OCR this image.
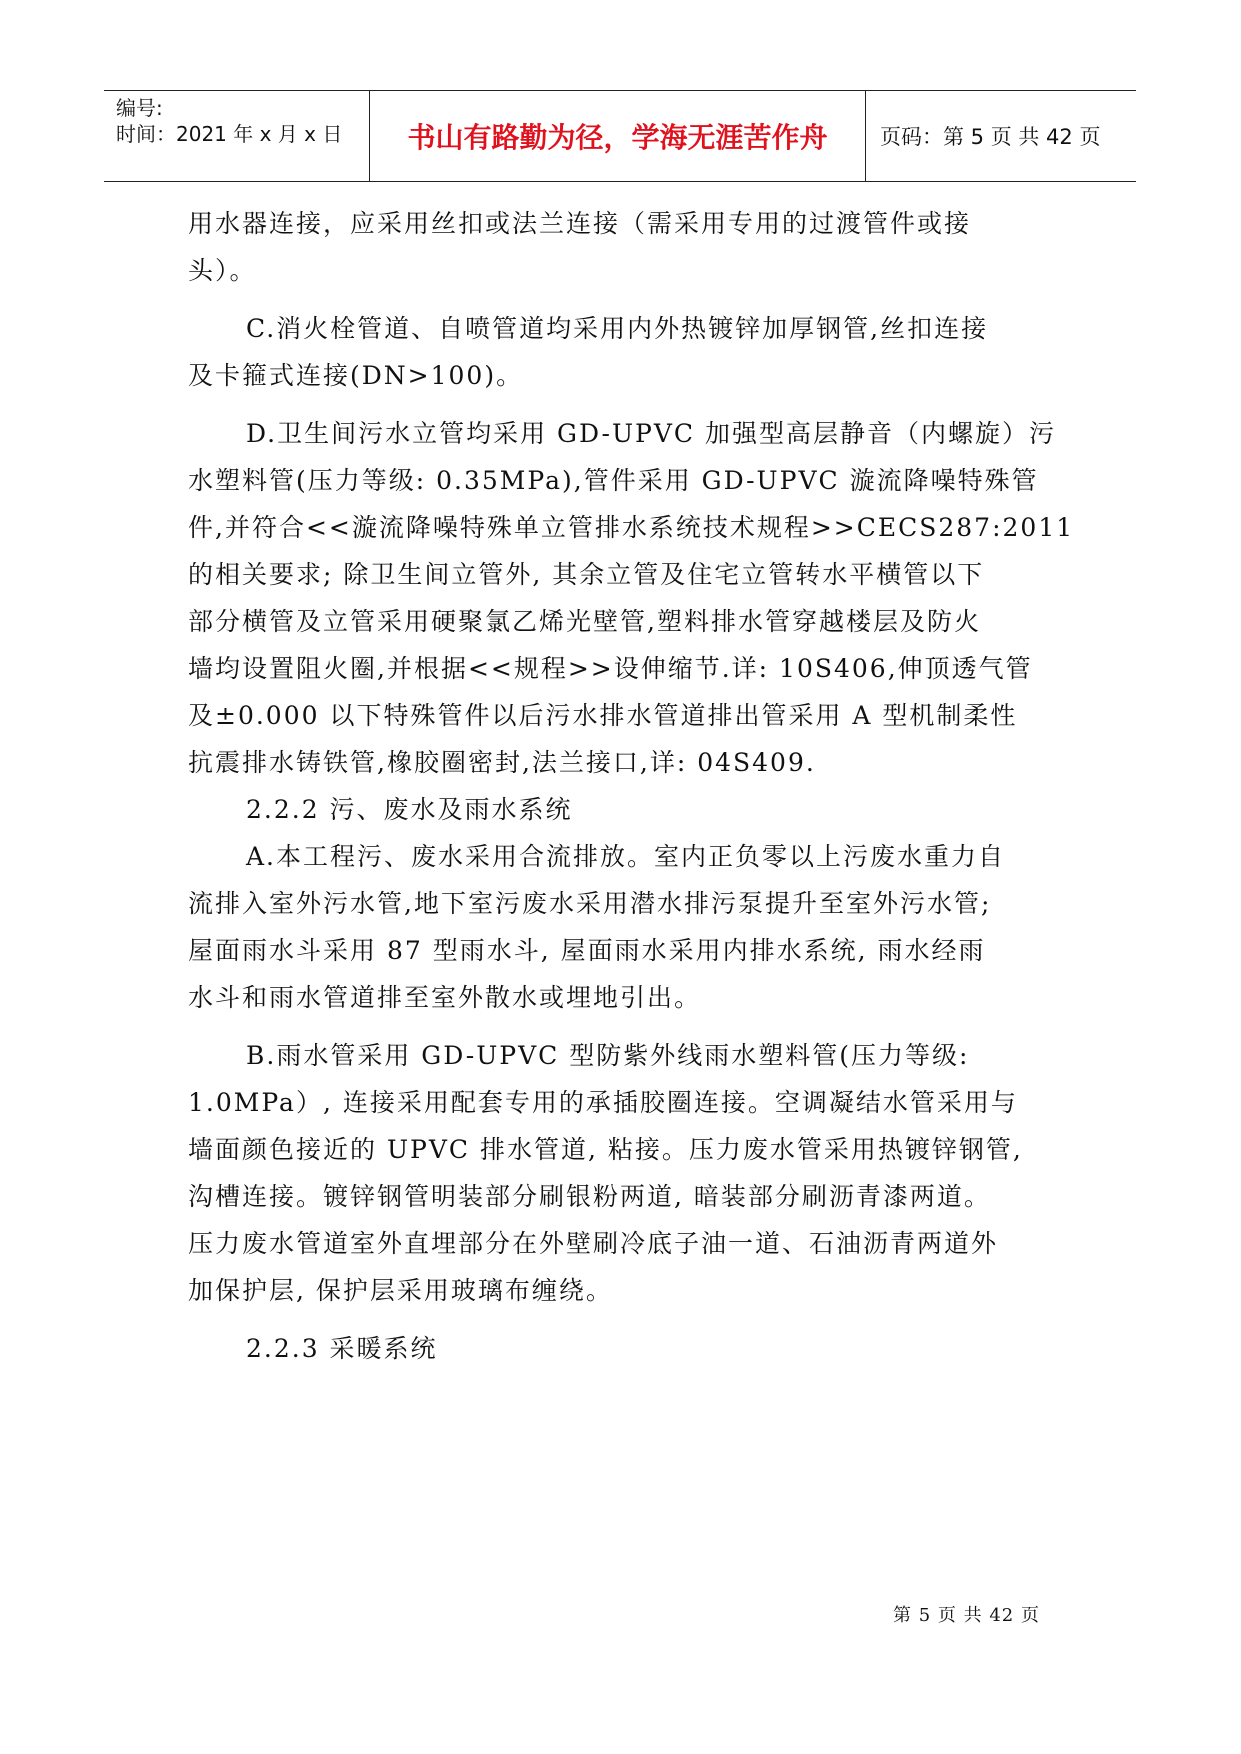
编号:
时间：2021 年 x 月 x 日 书山有路勤为径，学海无涯苦作舟	页码：第 5 页 共 42 页
用水器连接，应采用丝扣或法兰连接（需采用专用的过渡管件或接
头）。
C.消火栓管道、自喷管道均采用内外热镀锌加厚钢管,丝扣连接
及卡箍式连接(DN>100)。
D.卫生间污水立管均采用 GD-UPVC 加强型高层静音（内螺旋）污
水塑料管(压力等级: 0.35MPa),管件采用 GD-UPVC 漩流降噪特殊管
件,并符合<<漩流降噪特殊单立管排水系统技术规程>>CECS287:2011
的相关要求; 除卫生间立管外, 其余立管及住宅立管转水平横管以下
部分横管及立管采用硬聚氯乙烯光壁管,塑料排水管穿越楼层及防火
墙均设置阻火圈,并根据<<规程>>设伸缩节.详: 10S406,伸顶透气管
及±0.000 以下特殊管件以后污水排水管道排出管采用 A 型机制柔性
抗震排水铸铁管,橡胶圈密封,法兰接口,详: 04S409.
2.2.2 污、废水及雨水系统
A.本工程污、废水采用合流排放。室内正负零以上污废水重力自
流排入室外污水管,地下室污废水采用潜水排污泵提升至室外污水管;
屋面雨水斗采用 87 型雨水斗, 屋面雨水采用内排水系统, 雨水经雨
水斗和雨水管道排至室外散水或埋地引出。
B.雨水管采用 GD-UPVC 型防紫外线雨水塑料管(压力等级:
1.0MPa）, 连接采用配套专用的承插胶圈连接。空调凝结水管采用与
墙面颜色接近的 UPVC 排水管道, 粘接。压力废水管采用热镀锌钢管,
沟槽连接。镀锌钢管明装部分刷银粉两道, 暗装部分刷沥青漆两道。
压力废水管道室外直埋部分在外壁刷冷底子油一道、石油沥青两道外
加保护层, 保护层采用玻璃布缠绕。
2.2.3 采暖系统
第 5 页 共 42 页
